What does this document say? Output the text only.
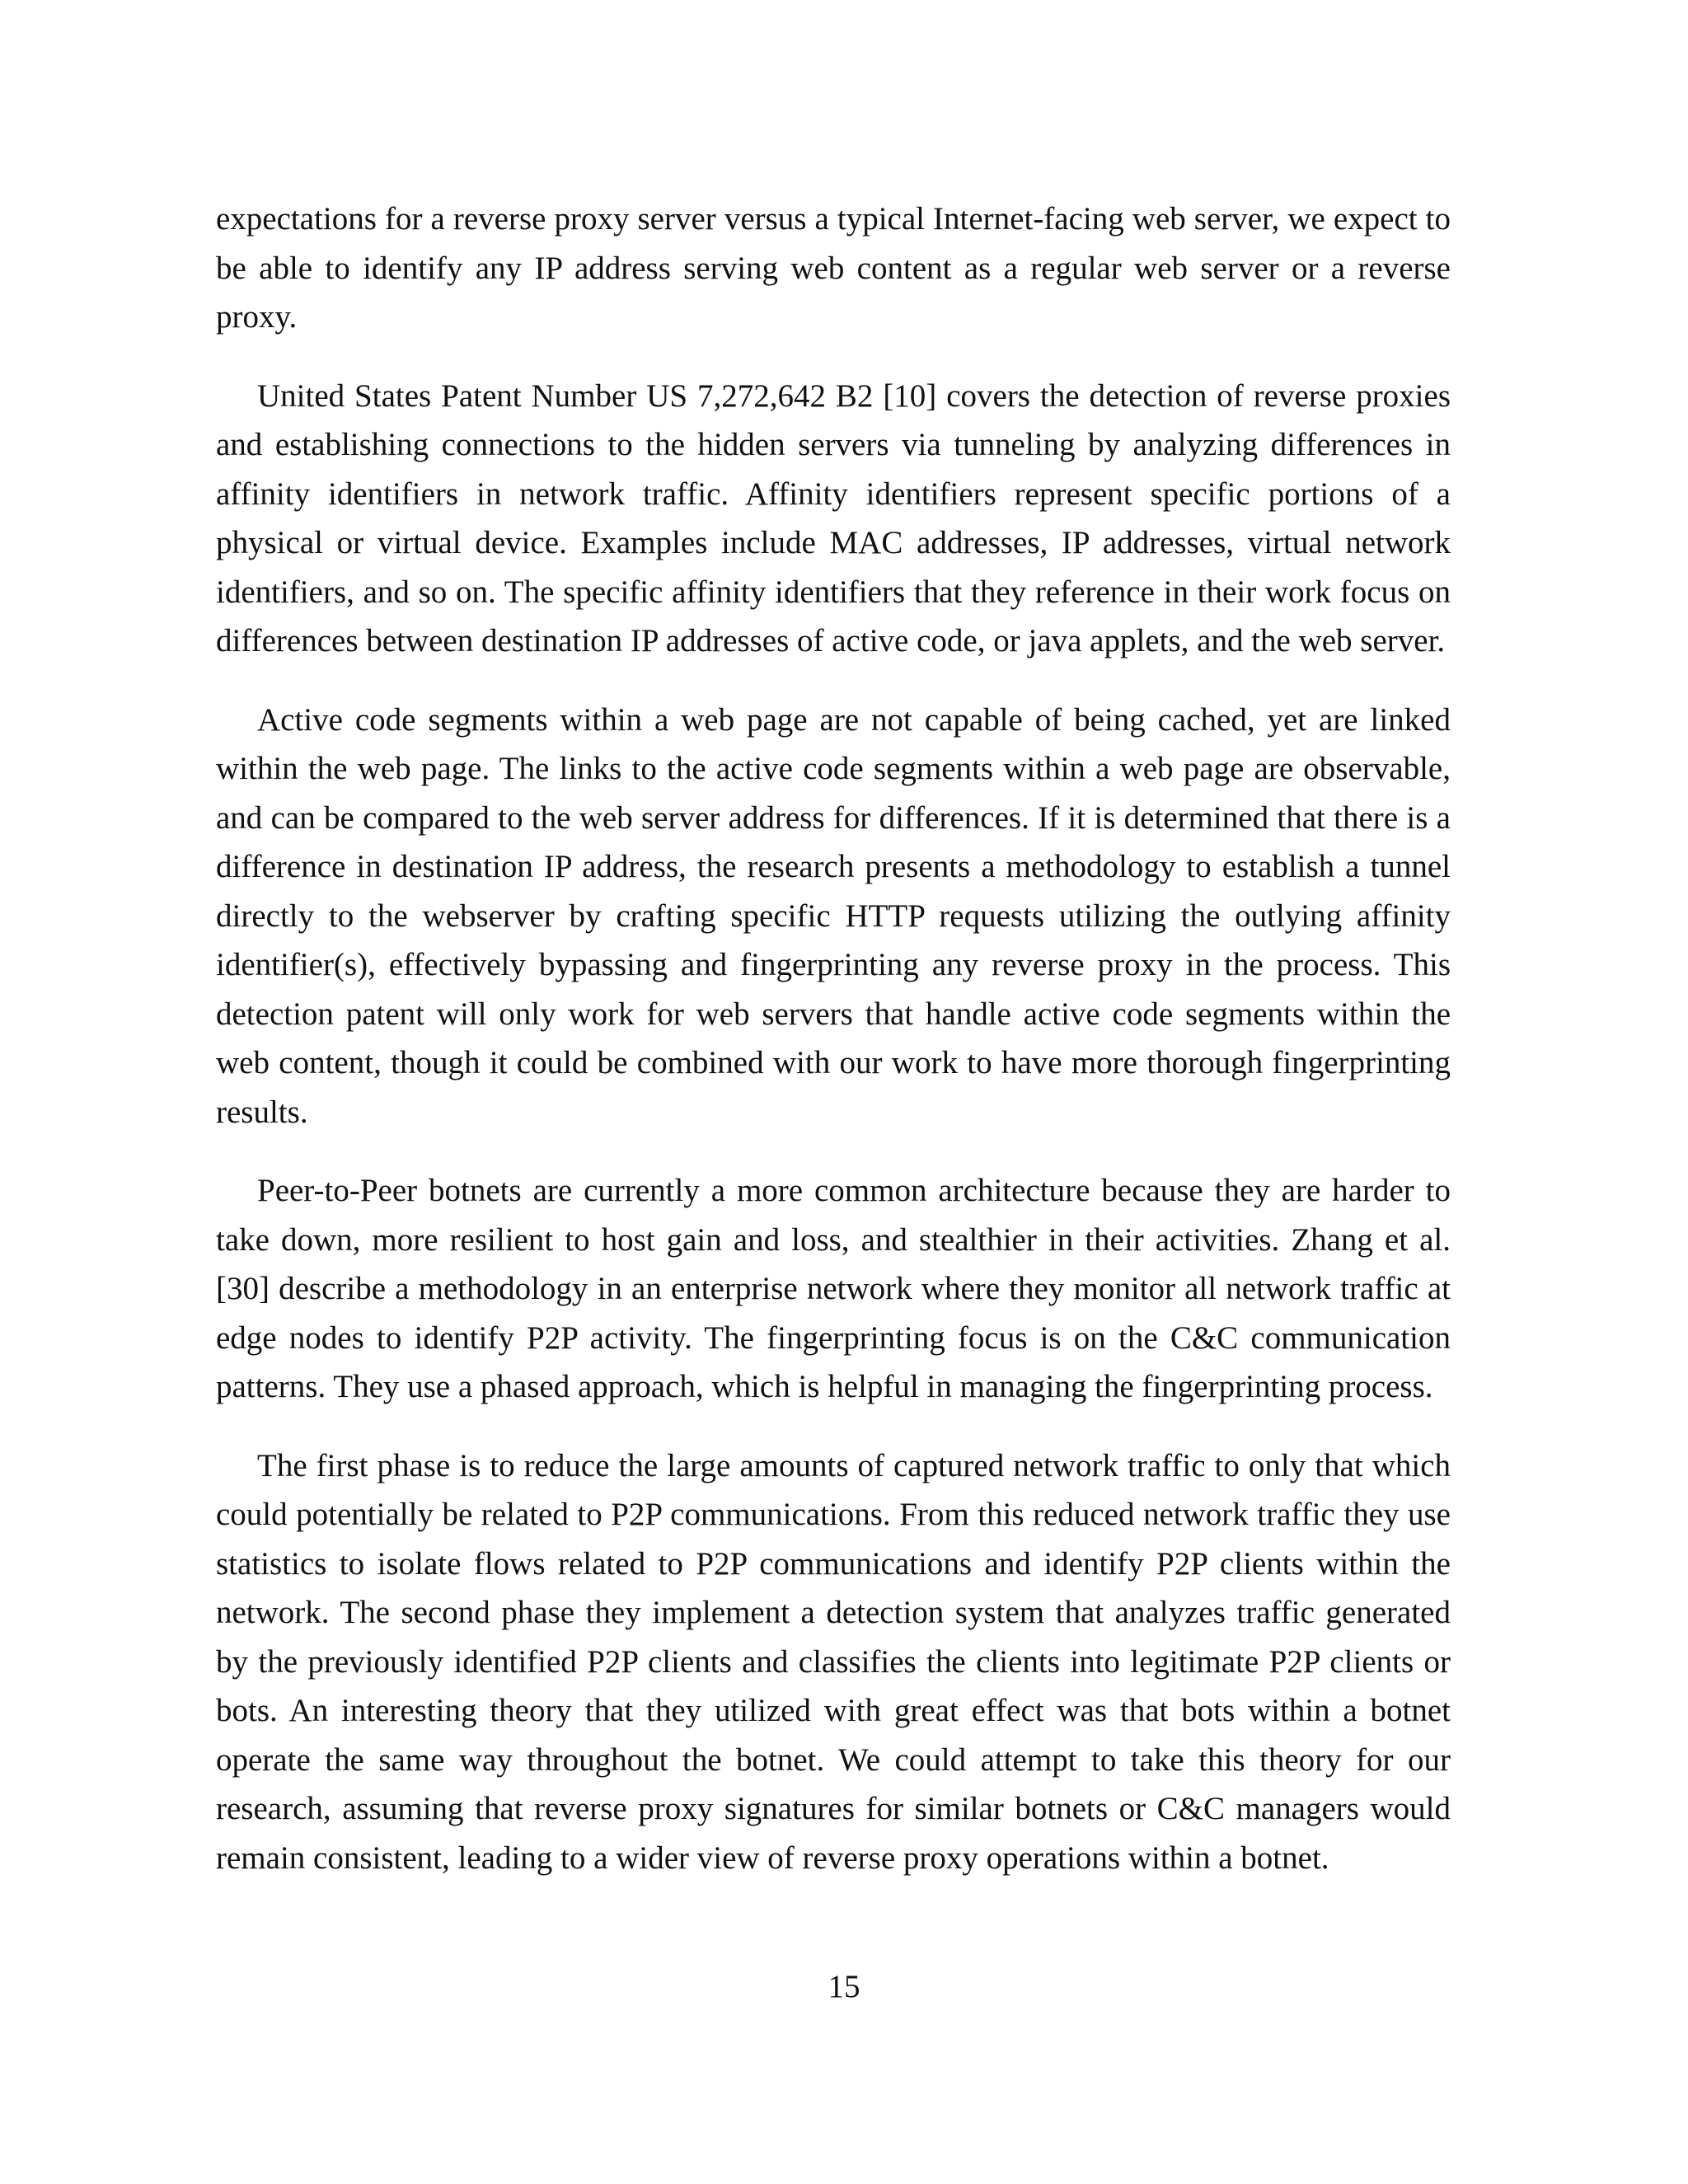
expectations for a reverse proxy server versus a typical Internet-facing web server, we expect to be able to identify any IP address serving web content as a regular web server or a reverse proxy.

United States Patent Number US 7,272,642 B2 [10] covers the detection of reverse proxies and establishing connections to the hidden servers via tunneling by analyzing differences in affinity identifiers in network traffic. Affinity identifiers represent specific portions of a physical or virtual device. Examples include MAC addresses, IP addresses, virtual network identifiers, and so on. The specific affinity identifiers that they reference in their work focus on differences between destination IP addresses of active code, or java applets, and the web server.

Active code segments within a web page are not capable of being cached, yet are linked within the web page. The links to the active code segments within a web page are observable, and can be compared to the web server address for differences. If it is determined that there is a difference in destination IP address, the research presents a methodology to establish a tunnel directly to the webserver by crafting specific HTTP requests utilizing the outlying affinity identifier(s), effectively bypassing and fingerprinting any reverse proxy in the process. This detection patent will only work for web servers that handle active code segments within the web content, though it could be combined with our work to have more thorough fingerprinting results.

Peer-to-Peer botnets are currently a more common architecture because they are harder to take down, more resilient to host gain and loss, and stealthier in their activities. Zhang et al. [30] describe a methodology in an enterprise network where they monitor all network traffic at edge nodes to identify P2P activity. The fingerprinting focus is on the C&C communication patterns. They use a phased approach, which is helpful in managing the fingerprinting process.

The first phase is to reduce the large amounts of captured network traffic to only that which could potentially be related to P2P communications. From this reduced network traffic they use statistics to isolate flows related to P2P communications and identify P2P clients within the network. The second phase they implement a detection system that analyzes traffic generated by the previously identified P2P clients and classifies the clients into legitimate P2P clients or bots. An interesting theory that they utilized with great effect was that bots within a botnet operate the same way throughout the botnet. We could attempt to take this theory for our research, assuming that reverse proxy signatures for similar botnets or C&C managers would remain consistent, leading to a wider view of reverse proxy operations within a botnet.

15
